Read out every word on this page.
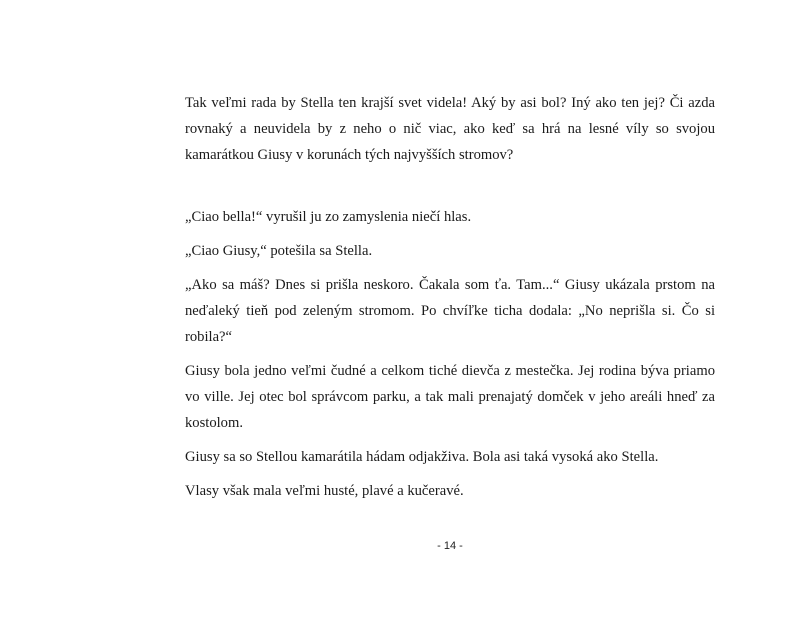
Tak veľmi rada by Stella ten krajší svet videla! Aký by asi bol? Iný ako ten jej? Či azda rovnaký a neuvidela by z neho o nič viac, ako keď sa hrá na lesné víly so svojou kamarátkou Giusy v korunách tých najvyšších stromov?

„Ciao bella!“ vyrušil ju zo zamyslenia niečí hlas.

„Ciao Giusy,“ potešila sa Stella.

„Ako sa máš? Dnes si prišla neskoro. Čakala som ťa. Tam...“ Giusy ukázala prstom na neďaleký tieň pod zeleným stromom. Po chvíľke ticha dodala: „No neprišla si. Čo si robila?“

Giusy bola jedno veľmi čudné a celkom tiché dievča z mestečka. Jej rodina býva priamo vo ville. Jej otec bol správcom parku, a tak mali prenajatý domček v jeho areáli hneď za kostolom.

Giusy sa so Stellou kamarátila hádam odjakživa. Bola asi taká vysoká ako Stella.

Vlasy však mala veľmi husté, plavé a kučeravé.

- 14 -
